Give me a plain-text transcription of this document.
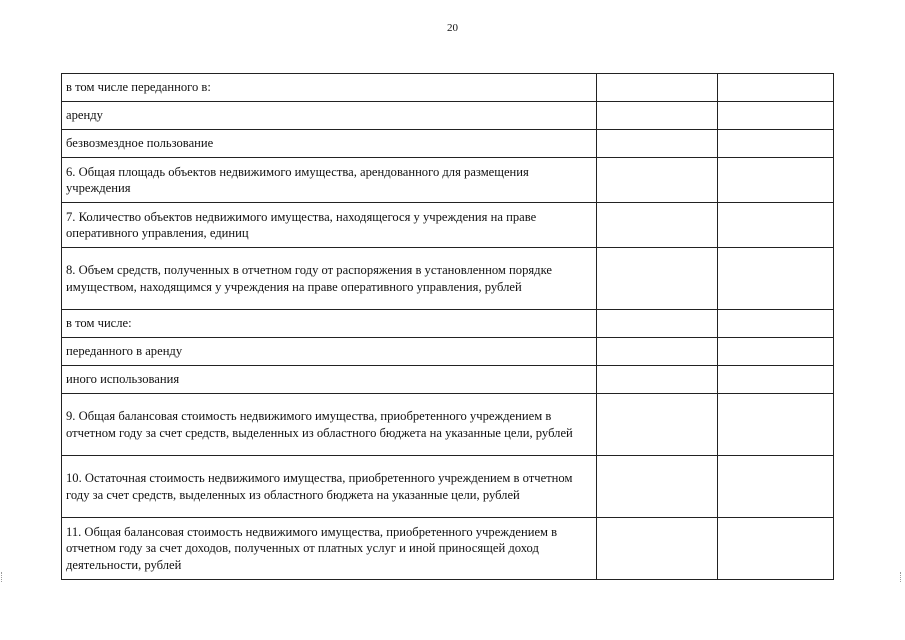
20
в том числе переданного в:		
аренду		
безвозмездное пользование		
6. Общая площадь объектов недвижимого имущества, арендованного для размещения учреждения		
7. Количество объектов недвижимого имущества, находящегося у учреждения на праве оперативного управления, единиц		
8. Объем средств, полученных в отчетном году от распоряжения в установленном порядке имуществом, находящимся у учреждения на праве оперативного управления, рублей		
в том числе:		
переданного в аренду		
иного использования		
9. Общая балансовая стоимость недвижимого имущества, приобретенного учреждением в отчетном году за счет средств, выделенных из областного бюджета на указанные цели, рублей		
10. Остаточная стоимость недвижимого имущества, приобретенного учреждением в отчетном году за счет средств, выделенных из областного бюджета на указанные цели, рублей		
11. Общая балансовая стоимость недвижимого имущества, приобретенного учреждением в отчетном году за счет доходов, полученных от платных услуг и иной приносящей доход деятельности, рублей		
